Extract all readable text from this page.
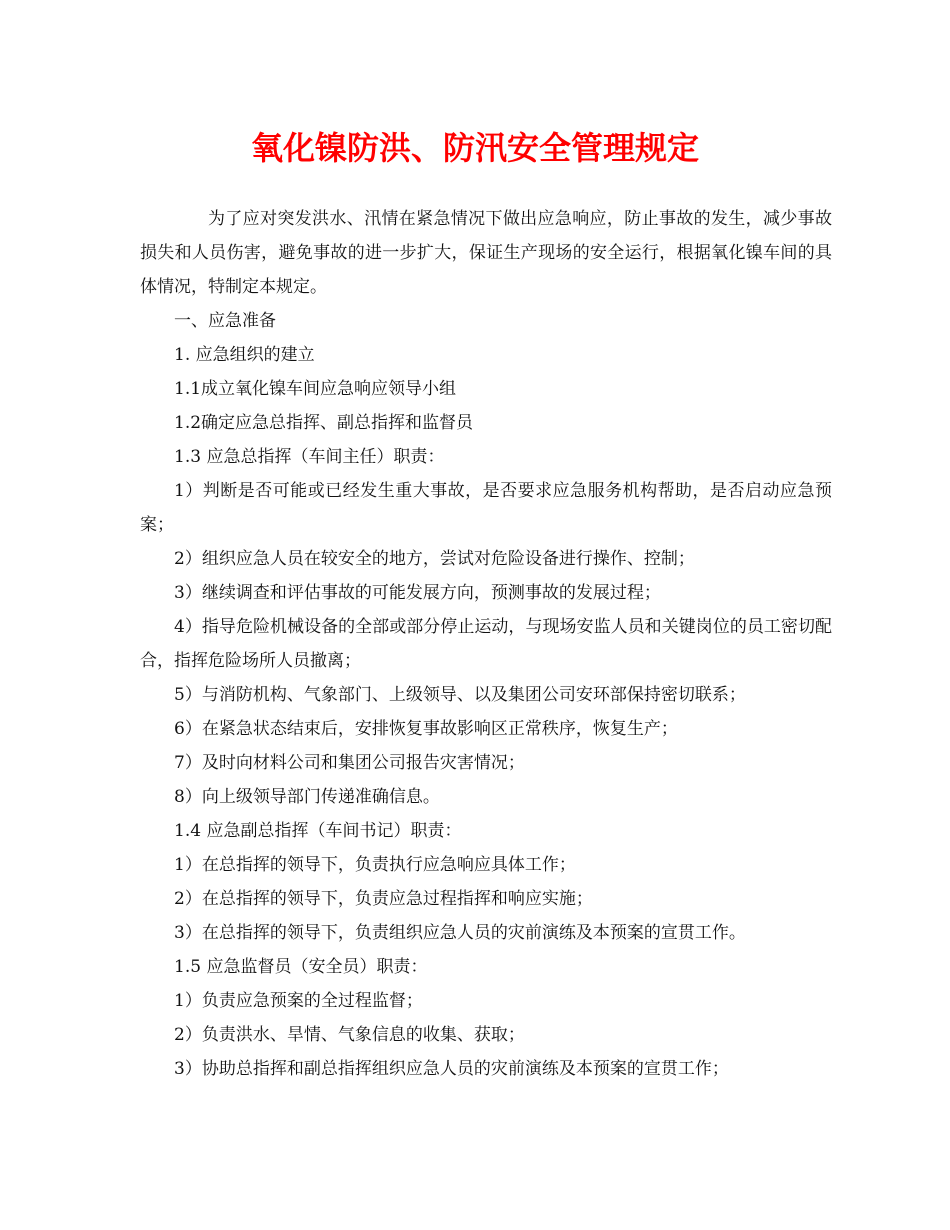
氧化镍防洪、防汛安全管理规定

为了应对突发洪水、汛情在紧急情况下做出应急响应，防止事故的发生，减少事故损失和人员伤害，避免事故的进一步扩大，保证生产现场的安全运行，根据氧化镍车间的具体情况，特制定本规定。

一、应急准备

1. 应急组织的建立

1.1成立氧化镍车间应急响应领导小组

1.2确定应急总指挥、副总指挥和监督员

1.3 应急总指挥（车间主任）职责：

1）判断是否可能或已经发生重大事故，是否要求应急服务机构帮助，是否启动应急预案；

2）组织应急人员在较安全的地方，尝试对危险设备进行操作、控制；

3）继续调查和评估事故的可能发展方向，预测事故的发展过程；

4）指导危险机械设备的全部或部分停止运动，与现场安监人员和关键岗位的员工密切配合，指挥危险场所人员撤离；

5）与消防机构、气象部门、上级领导、以及集团公司安环部保持密切联系；

6）在紧急状态结束后，安排恢复事故影响区正常秩序，恢复生产；

7）及时向材料公司和集团公司报告灾害情况；

8）向上级领导部门传递准确信息。

1.4 应急副总指挥（车间书记）职责：

1）在总指挥的领导下，负责执行应急响应具体工作；

2）在总指挥的领导下，负责应急过程指挥和响应实施；

3）在总指挥的领导下，负责组织应急人员的灾前演练及本预案的宣贯工作。

1.5 应急监督员（安全员）职责：

1）负责应急预案的全过程监督；

2）负责洪水、旱情、气象信息的收集、获取；

3）协助总指挥和副总指挥组织应急人员的灾前演练及本预案的宣贯工作；
